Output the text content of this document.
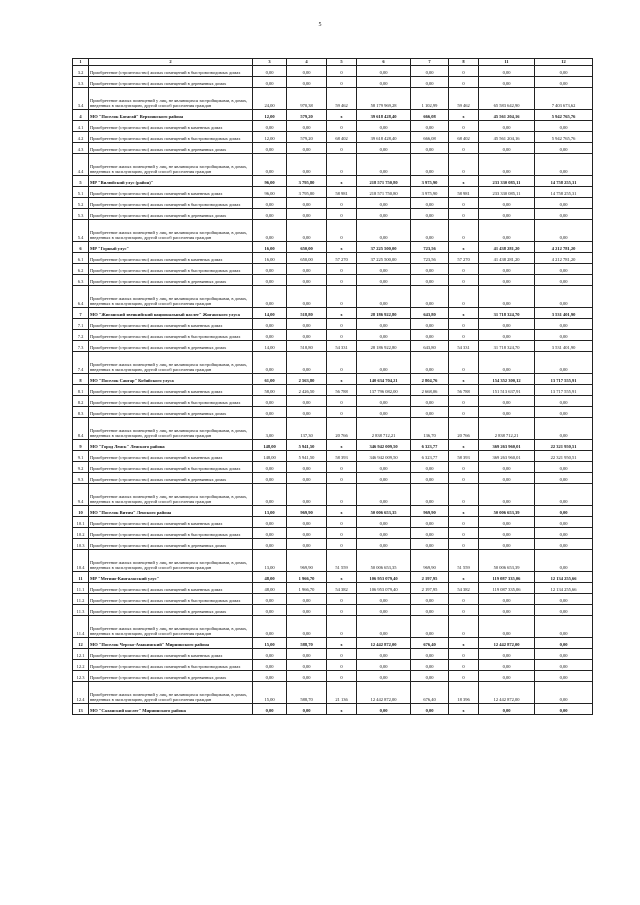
5
1	2	3	4	5	6	7	8	11	12
3.2	Приобретение (строительство) жилых помещений в быстровозводимых домах	0,00	0,00	0	0,00	0,00	0	0,00	0,00
3.3	Приобретение (строительство) жилых помещений в деревянных домах	0,00	0,00	0	0,00	0,00	0	0,00	0,00
3.4	Приобретение жилых помещений у лиц, не являющихся застройщиками, в домах, введенных в эксплуатацию, другой способ расселения граждан	24,00	970,38	59 462	58 179 969,28	1 102,99	59 462	65 583 642,90	7 403 673,62
4	МО "Поселок Батагай" Верхоянского района	12,00	579,20	х	39 618 428,40	666,08	х	45 561 204,16	5 942 765,76
4.1	Приобретение (строительство) жилых помещений в каменных домах	0,00	0,00	0	0,00	0,00	0	0,00	0,00
4.2	Приобретение (строительство) жилых помещений в быстровозводимых домах	12,00	579,20	68 402	39 618 428,40	666,08	68 402	45 561 204,16	5 942 765,76
4.3	Приобретение (строительство) жилых помещений в деревянных домах	0,00	0,00	0	0,00	0,00	0	0,00	0,00
4.4	Приобретение жилых помещений у лиц, не являющихся застройщиками, в домах, введенных в эксплуатацию, другой способ расселения граждан	0,00	0,00	0	0,00	0,00	0	0,00	0,00
5	МР "Вилюйский улус (район)"	96,00	3 795,80	х	218 571 750,80	3 975,90	х	233 330 085,11	14 758 255,31
5.1	Приобретение (строительство) жилых помещений в каменных домах	96,00	3 795,80	58 981	218 571 750,80	3 975,90	58 981	233 330 085,11	14 758 255,31
5.2	Приобретение (строительство) жилых помещений в быстровозводимых домах	0,00	0,00	0	0,00	0,00	0	0,00	0,00
5.3	Приобретение (строительство) жилых помещений в деревянных домах	0,00	0,00	0	0,00	0,00	0	0,00	0,00
5.4	Приобретение жилых помещений у лиц, не являющихся застройщиками, в домах, введенных в эксплуатацию, другой способ расселения граждан	0,00	0,00	0	0,00	0,00	0	0,00	0,00
6	МР "Горный улус"	16,00	650,00	х	37 225 500,00	723,56	х	41 438 281,20	4 212 781,20
6.1	Приобретение (строительство) жилых помещений в каменных домах	16,00	650,00	57 270	37 225 500,00	723,56	57 270	41 438 281,20	4 212 781,20
6.2	Приобретение (строительство) жилых помещений в быстровозводимых домах	0,00	0,00	0	0,00	0,00	0	0,00	0,00
6.3	Приобретение (строительство) жилых помещений в деревянных домах	0,00	0,00	0	0,00	0,00	0	0,00	0,00
6.4	Приобретение жилых помещений у лиц, не являющихся застройщиками, в домах, введенных в эксплуатацию, другой способ расселения граждан	0,00	0,00	0	0,00	0,00	0	0,00	0,00
7	МО "Жиганский эвенкийский национальный наслег" Жиганского улуса	14,00	518,80	х	28 186 922,80	643,80	х	31 718 324,70	3 531 401,90
7.1	Приобретение (строительство) жилых помещений в каменных домах	0,00	0,00	0	0,00	0,00	0	0,00	0,00
7.2	Приобретение (строительство) жилых помещений в быстровозводимых домах	0,00	0,00	0	0,00	0,00	0	0,00	0,00
7.3	Приобретение (строительство) жилых помещений в деревянных домах	14,00	518,80	54 331	28 186 922,80	643,80	54 331	31 718 324,70	3 531 401,90
7.4	Приобретение жилых помещений у лиц, не являющихся застройщиками, в домах, введенных в эксплуатацию, другой способ расселения граждан	0,00	0,00	0	0,00	0,00	0	0,00	0,00
8	МО "Поселок Сангар" Кобяйского улуса	61,00	2 563,80	х	140 634 704,21	2 804,76	х	154 352 300,12	13 717 555,91
8.1	Приобретение (строительство) жилых помещений в каменных домах	58,00	2 426,50	56 788	137 796 082,00	2 668,06	56 788	151 513 637,91	13 717 555,91
8.2	Приобретение (строительство) жилых помещений в быстровозводимых домах	0,00	0,00	0	0,00	0,00	0	0,00	0,00
8.3	Приобретение (строительство) жилых помещений в деревянных домах	0,00	0,00	0	0,00	0,00	0	0,00	0,00
8.4	Приобретение жилых помещений у лиц, не являющихся застройщиками, в домах, введенных в эксплуатацию, другой способ расселения граждан	3,00	137,30	20 766	2 838 712,21	136,70	20 766	2 838 712,21	0,00
9	МО "Город Ленск" Ленского района	148,00	5 941,50	х	346 942 009,50	6 323,77	х	369 263 960,01	22 321 950,51
9.1	Приобретение (строительство) жилых помещений в каменных домах	148,00	5 941,50	58 393	346 942 009,50	6 323,77	58 393	369 263 960,01	22 321 950,51
9.2	Приобретение (строительство) жилых помещений в быстровозводимых домах	0,00	0,00	0	0,00	0,00	0	0,00	0,00
9.3	Приобретение (строительство) жилых помещений в деревянных домах	0,00	0,00	0	0,00	0,00	0	0,00	0,00
9.4	Приобретение жилых помещений у лиц, не являющихся застройщиками, в домах, введенных в эксплуатацию, другой способ расселения граждан	0,00	0,00	0	0,00	0,00	0	0,00	0,00
10	МО "Поселок Витим" Ленского района	13,00	969,90	х	50 006 653,35	969,90	х	50 006 653,39	0,00
10.1	Приобретение (строительство) жилых помещений в каменных домах	0,00	0,00	0	0,00	0,00	0	0,00	0,00
10.2	Приобретение (строительство) жилых помещений в быстровозводимых домах	0,00	0,00	0	0,00	0,00	0	0,00	0,00
10.3	Приобретение (строительство) жилых помещений в деревянных домах	0,00	0,00	0	0,00	0,00	0	0,00	0,00
10.4	Приобретение жилых помещений у лиц, не являющихся застройщиками, в домах, введенных в эксплуатацию, другой способ расселения граждан	13,00	969,90	51 559	50 006 653,35	969,90	51 559	50 006 653,39	0,00
11	МР "Мегино-Кангаласский улус"	48,00	1 966,70	х	106 953 079,40	2 197,95	х	119 087 335,06	12 134 255,66
11.1	Приобретение (строительство) жилых помещений в каменных домах	48,00	1 966,70	54 382	106 953 079,40	2 197,95	54 382	119 087 335,06	12 134 255,66
11.2	Приобретение (строительство) жилых помещений в быстровозводимых домах	0,00	0,00	0	0,00	0,00	0	0,00	0,00
11.3	Приобретение (строительство) жилых помещений в деревянных домах	0,00	0,00	0	0,00	0,00	0	0,00	0,00
11.4	Приобретение жилых помещений у лиц, не являющихся застройщиками, в домах, введенных в эксплуатацию, другой способ расселения граждан	0,00	0,00	0	0,00	0,00	0	0,00	0,00
12	МО "Поселок Черско-Амакинский" Мирнинского района	15,00	588,70	х	12 442 872,00	676,40	х	12 442 872,00	0,00
12.1	Приобретение (строительство) жилых помещений в каменных домах	0,00	0,00	0	0,00	0,00	0	0,00	0,00
12.2	Приобретение (строительство) жилых помещений в быстровозводимых домах	0,00	0,00	0	0,00	0,00	0	0,00	0,00
12.3	Приобретение (строительство) жилых помещений в деревянных домах	0,00	0,00	0	0,00	0,00	0	0,00	0,00
12.4	Приобретение жилых помещений у лиц, не являющихся застройщиками, в домах, введенных в эксплуатацию, другой способ расселения граждан	15,00	588,70	21 136	12 442 872,00	676,40	18 396	12 442 872,00	0,00
13	МО "Саланский наслег" Мирнинского района	0,00	0,00	х	0,00	0,00	х	0,00	0,00
